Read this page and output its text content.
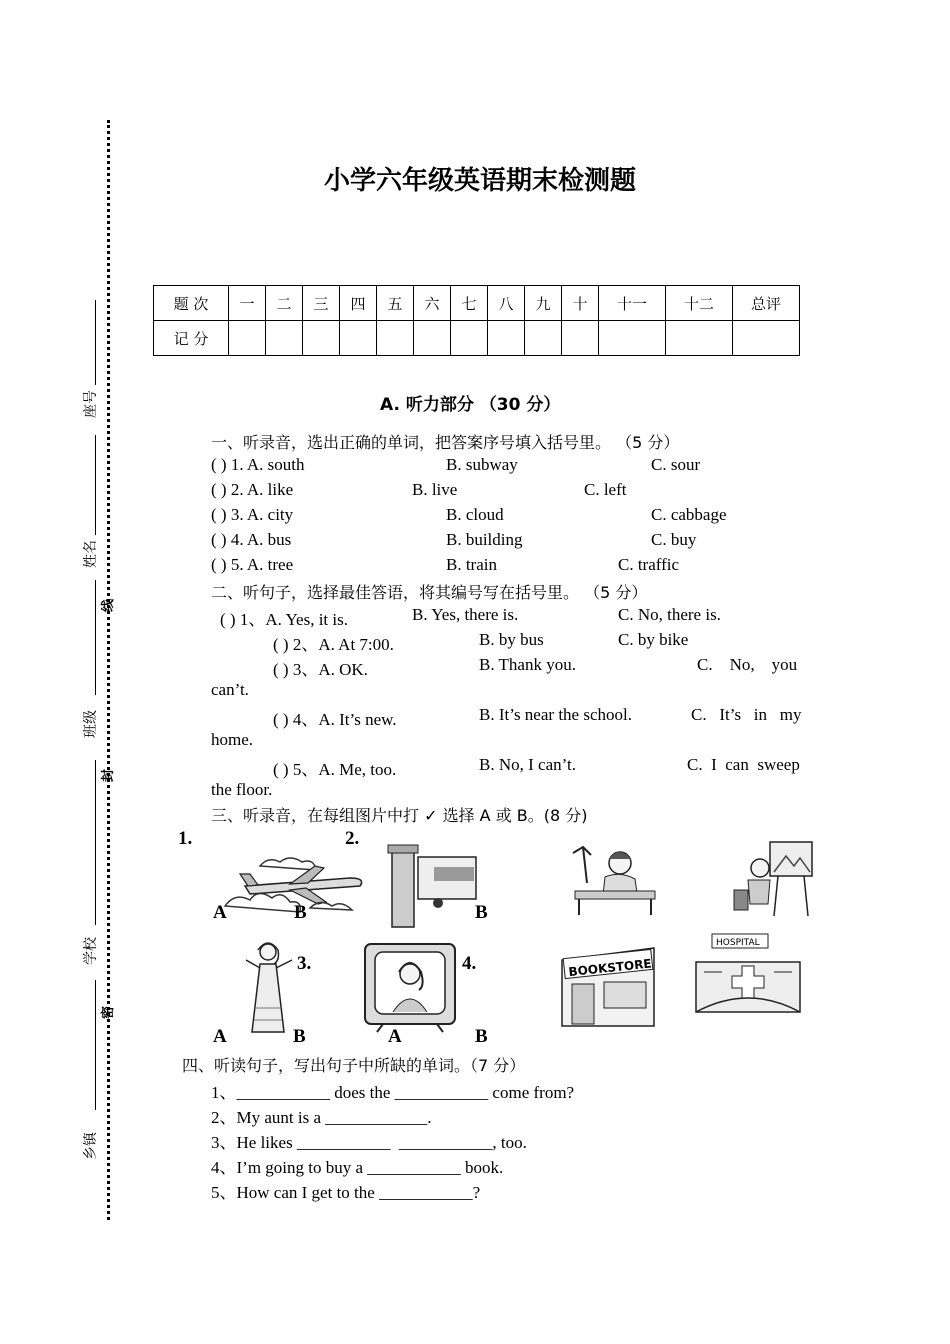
座号
姓名
班级
学校
乡镇
线
封
密
小学六年级英语期末检测题
题 次	一	二	三	四	五	六	七	八	九	十	十一	十二	总评
记 分													
A. 听力部分 （30 分）
一、听录音，选出正确的单词，把答案序号填入括号里。 （5 分）
( ) 1. A. south	B. subway	C. sour
( ) 2. A. like	B. live	C. left
( ) 3. A. city	B. cloud	C. cabbage
( ) 4. A. bus	B. building	C. buy
( ) 5. A. tree	B. train	C. traffic
二、听句子，选择最佳答语，将其编号写在括号里。 （5 分）
( ) 1、A. Yes, it is.	B. Yes, there is.	C. No, there is.
( ) 2、A. At 7:00.	B. by bus	C. by bike
( ) 3、A. OK.	B. Thank you.	C.    No,    you
can’t.
( ) 4、A. It’s new.	B. It’s near the school.	C.   It’s   in   my
home.
( ) 5、A. Me, too.	B. No, I can’t.	C.  I  can  sweep
the floor.
三、听录音，在每组图片中打 ✓ 选择 A 或 B。(8 分)
1.	2.
3.	4.	BOOKSTORE
HOSPITAL
A	B	B
A	B	A	B
四、听读句子，写出句子中所缺的单词。（7 分）
1、___________ does the ___________ come from?
2、My aunt is a ____________.
3、He likes ___________  ___________, too.
4、I’m going to buy a ___________ book.
5、How can I get to the ___________?
